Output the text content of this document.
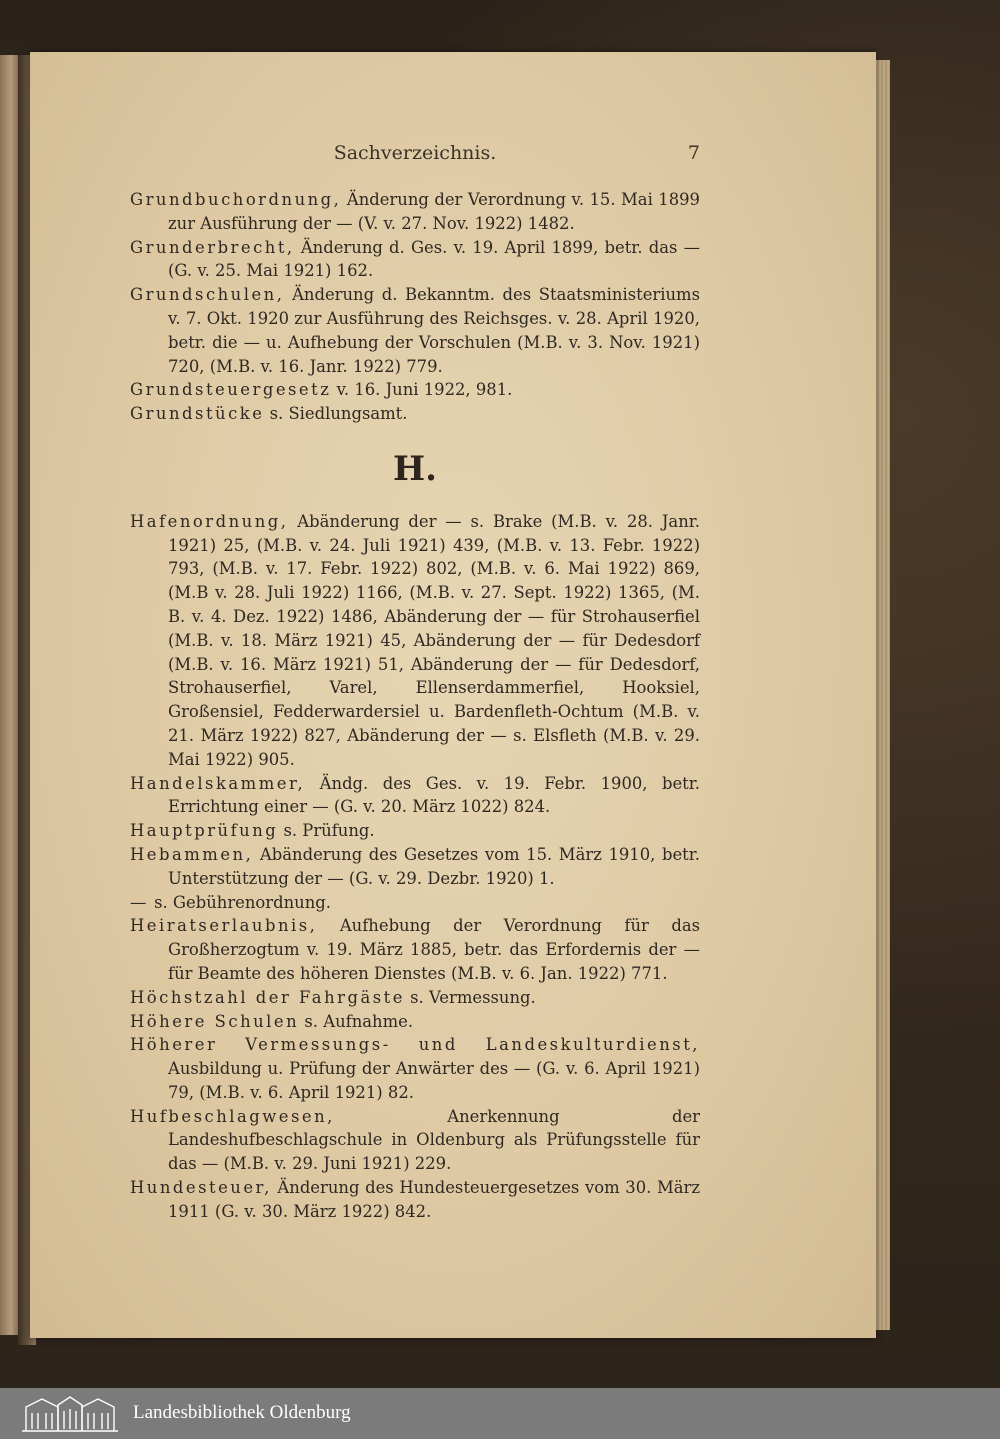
Sachverzeichnis.	7

Grundbuchordnung, Änderung der Verordnung v. 15. Mai 1899 zur Ausführung der — (V. v. 27. Nov. 1922) 1482.

Grunderbrecht, Änderung d. Ges. v. 19. April 1899, betr. das — (G. v. 25. Mai 1921) 162.

Grundschulen, Änderung d. Bekanntm. des Staatsministeriums v. 7. Okt. 1920 zur Ausführung des Reichsges. v. 28. April 1920, betr. die — u. Aufhebung der Vorschulen (M.B. v. 3. Nov. 1921) 720, (M.B. v. 16. Janr. 1922) 779.

Grundsteuergesetz v. 16. Juni 1922, 981.

Grundstücke s. Siedlungsamt.

H.

Hafenordnung, Abänderung der — s. Brake (M.B. v. 28. Janr. 1921) 25, (M.B. v. 24. Juli 1921) 439, (M.B. v. 13. Febr. 1922) 793, (M.B. v. 17. Febr. 1922) 802, (M.B. v. 6. Mai 1922) 869, (M.B v. 28. Juli 1922) 1166, (M.B. v. 27. Sept. 1922) 1365, (M. B. v. 4. Dez. 1922) 1486, Abänderung der — für Strohauserfiel (M.B. v. 18. März 1921) 45, Abänderung der — für Dedesdorf (M.B. v. 16. März 1921) 51, Abänderung der — für Dedesdorf, Strohauserfiel, Varel, Ellenserdammerfiel, Hooksiel, Großensiel, Fedderwardersiel u. Bardenfleth-Ochtum (M.B. v. 21. März 1922) 827, Abänderung der — s. Elsfleth (M.B. v. 29. Mai 1922) 905.

Handelskammer, Ändg. des Ges. v. 19. Febr. 1900, betr. Errichtung einer — (G. v. 20. März 1022) 824.

Hauptprüfung s. Prüfung.

Hebammen, Abänderung des Gesetzes vom 15. März 1910, betr. Unterstützung der — (G. v. 29. Dezbr. 1920) 1.

— s. Gebührenordnung.

Heiratserlaubnis, Aufhebung der Verordnung für das Großherzogtum v. 19. März 1885, betr. das Erfordernis der — für Beamte des höheren Dienstes (M.B. v. 6. Jan. 1922) 771.

Höchstzahl der Fahrgäste s. Vermessung.

Höhere Schulen s. Aufnahme.

Höherer Vermessungs- und Landeskulturdienst, Ausbildung u. Prüfung der Anwärter des — (G. v. 6. April 1921) 79, (M.B. v. 6. April 1921) 82.

Hufbeschlagwesen, Anerkennung der Landeshufbeschlagschule in Oldenburg als Prüfungsstelle für das — (M.B. v. 29. Juni 1921) 229.

Hundesteuer, Änderung des Hundesteuergesetzes vom 30. März 1911 (G. v. 30. März 1922) 842.

Landesbibliothek Oldenburg
